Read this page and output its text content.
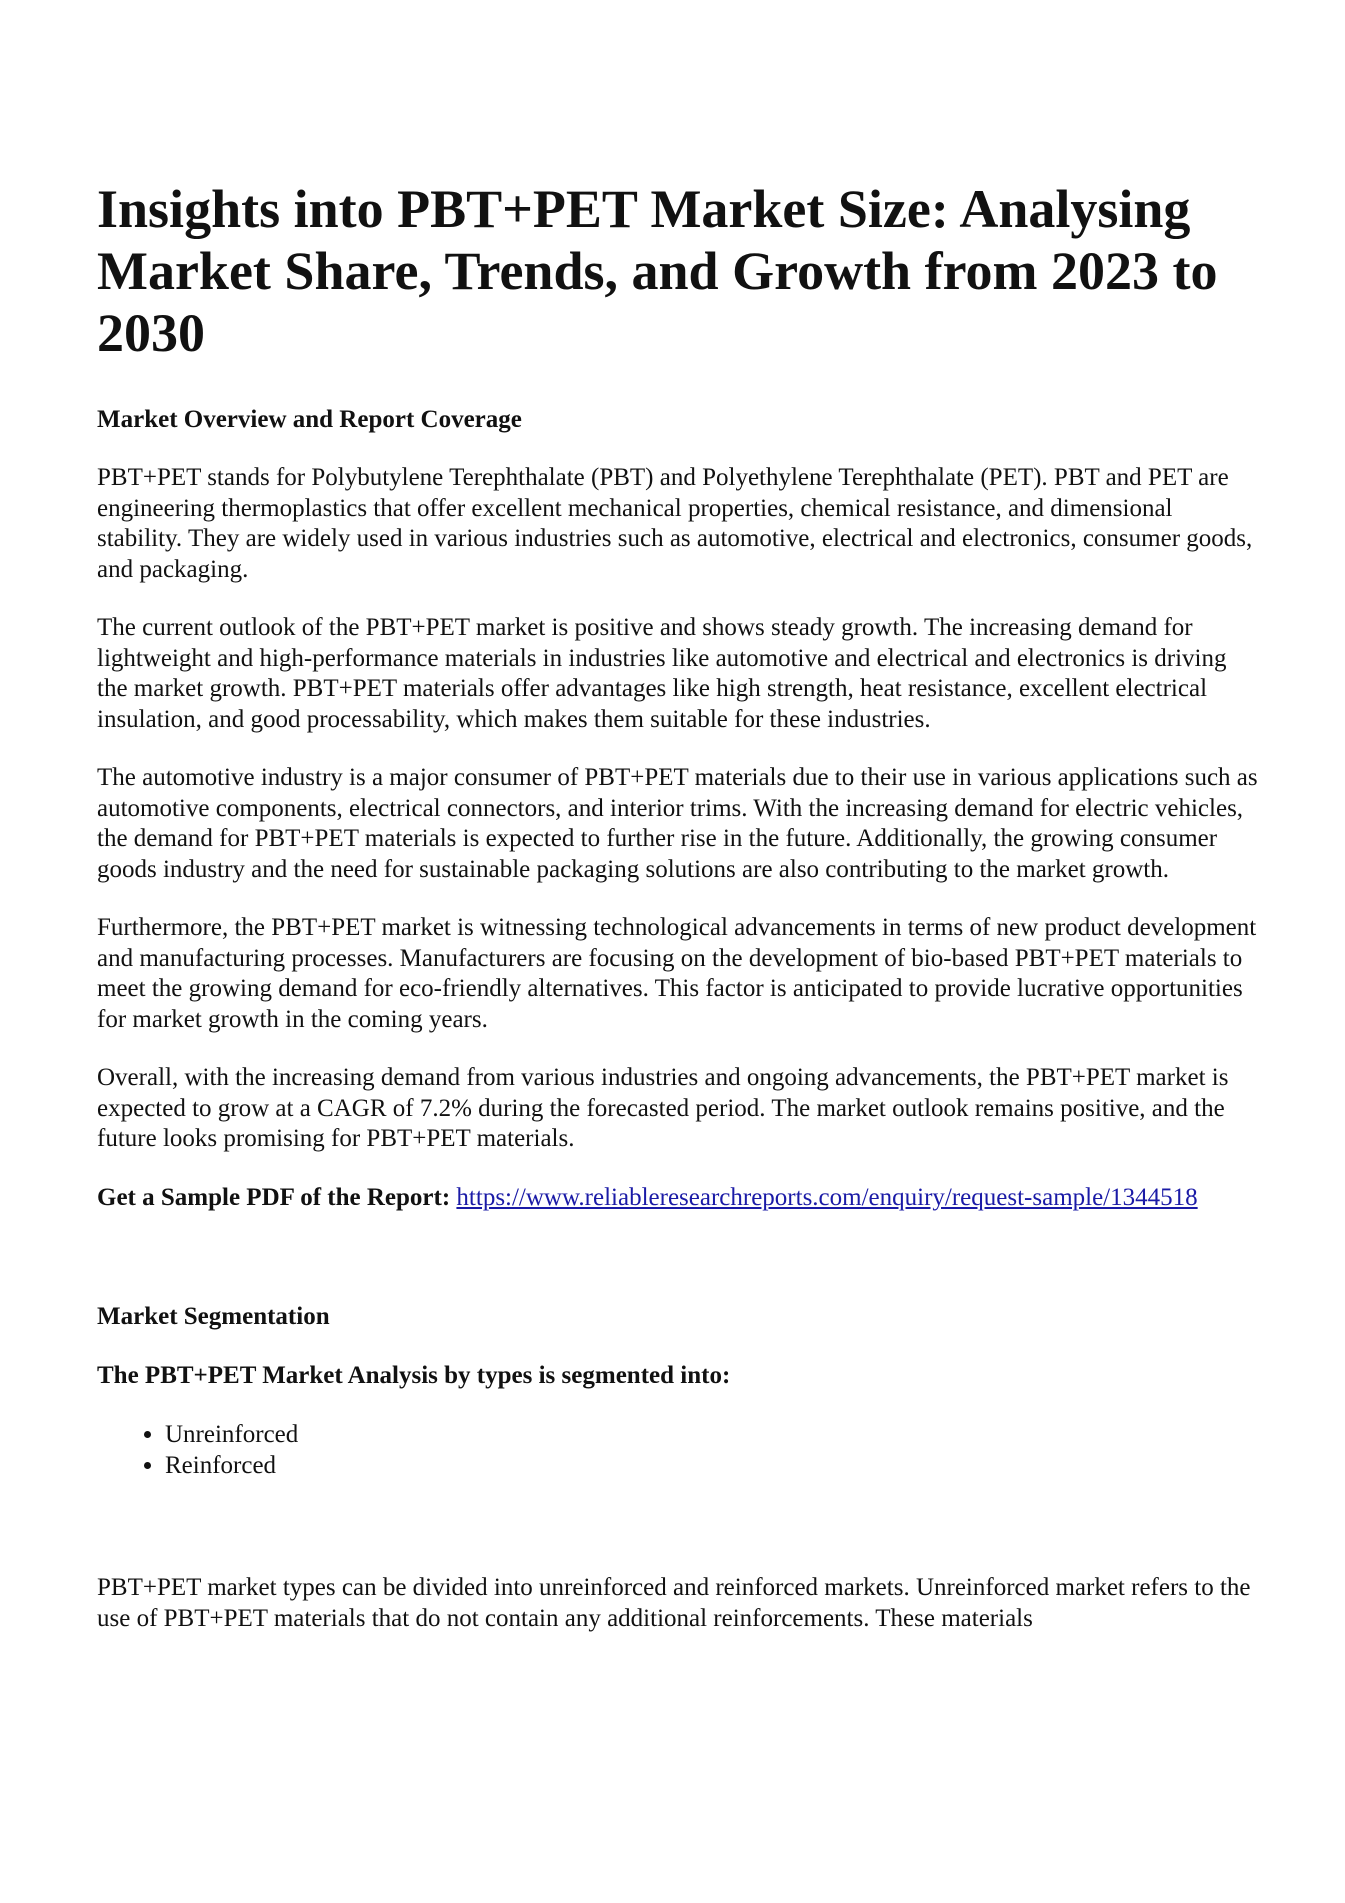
Insights into PBT+PET Market Size: Analysing Market Share, Trends, and Growth from 2023 to 2030
Market Overview and Report Coverage

PBT+PET stands for Polybutylene Terephthalate (PBT) and Polyethylene Terephthalate (PET). PBT and PET are engineering thermoplastics that offer excellent mechanical properties, chemical resistance, and dimensional stability. They are widely used in various industries such as automotive, electrical and electronics, consumer goods, and packaging.

The current outlook of the PBT+PET market is positive and shows steady growth. The increasing demand for lightweight and high-performance materials in industries like automotive and electrical and electronics is driving the market growth. PBT+PET materials offer advantages like high strength, heat resistance, excellent electrical insulation, and good processability, which makes them suitable for these industries.

The automotive industry is a major consumer of PBT+PET materials due to their use in various applications such as automotive components, electrical connectors, and interior trims. With the increasing demand for electric vehicles, the demand for PBT+PET materials is expected to further rise in the future. Additionally, the growing consumer goods industry and the need for sustainable packaging solutions are also contributing to the market growth.

Furthermore, the PBT+PET market is witnessing technological advancements in terms of new product development and manufacturing processes. Manufacturers are focusing on the development of bio-based PBT+PET materials to meet the growing demand for eco-friendly alternatives. This factor is anticipated to provide lucrative opportunities for market growth in the coming years.

Overall, with the increasing demand from various industries and ongoing advancements, the PBT+PET market is expected to grow at a CAGR of 7.2% during the forecasted period. The market outlook remains positive, and the future looks promising for PBT+PET materials.

Get a Sample PDF of the Report: https://www.reliableresearchreports.com/enquiry/request-sample/1344518

Market Segmentation
The PBT+PET Market Analysis by types is segmented into:
• Unreinforced
• Reinforced

PBT+PET market types can be divided into unreinforced and reinforced markets. Unreinforced market refers to the use of PBT+PET materials that do not contain any additional reinforcements. These materials
